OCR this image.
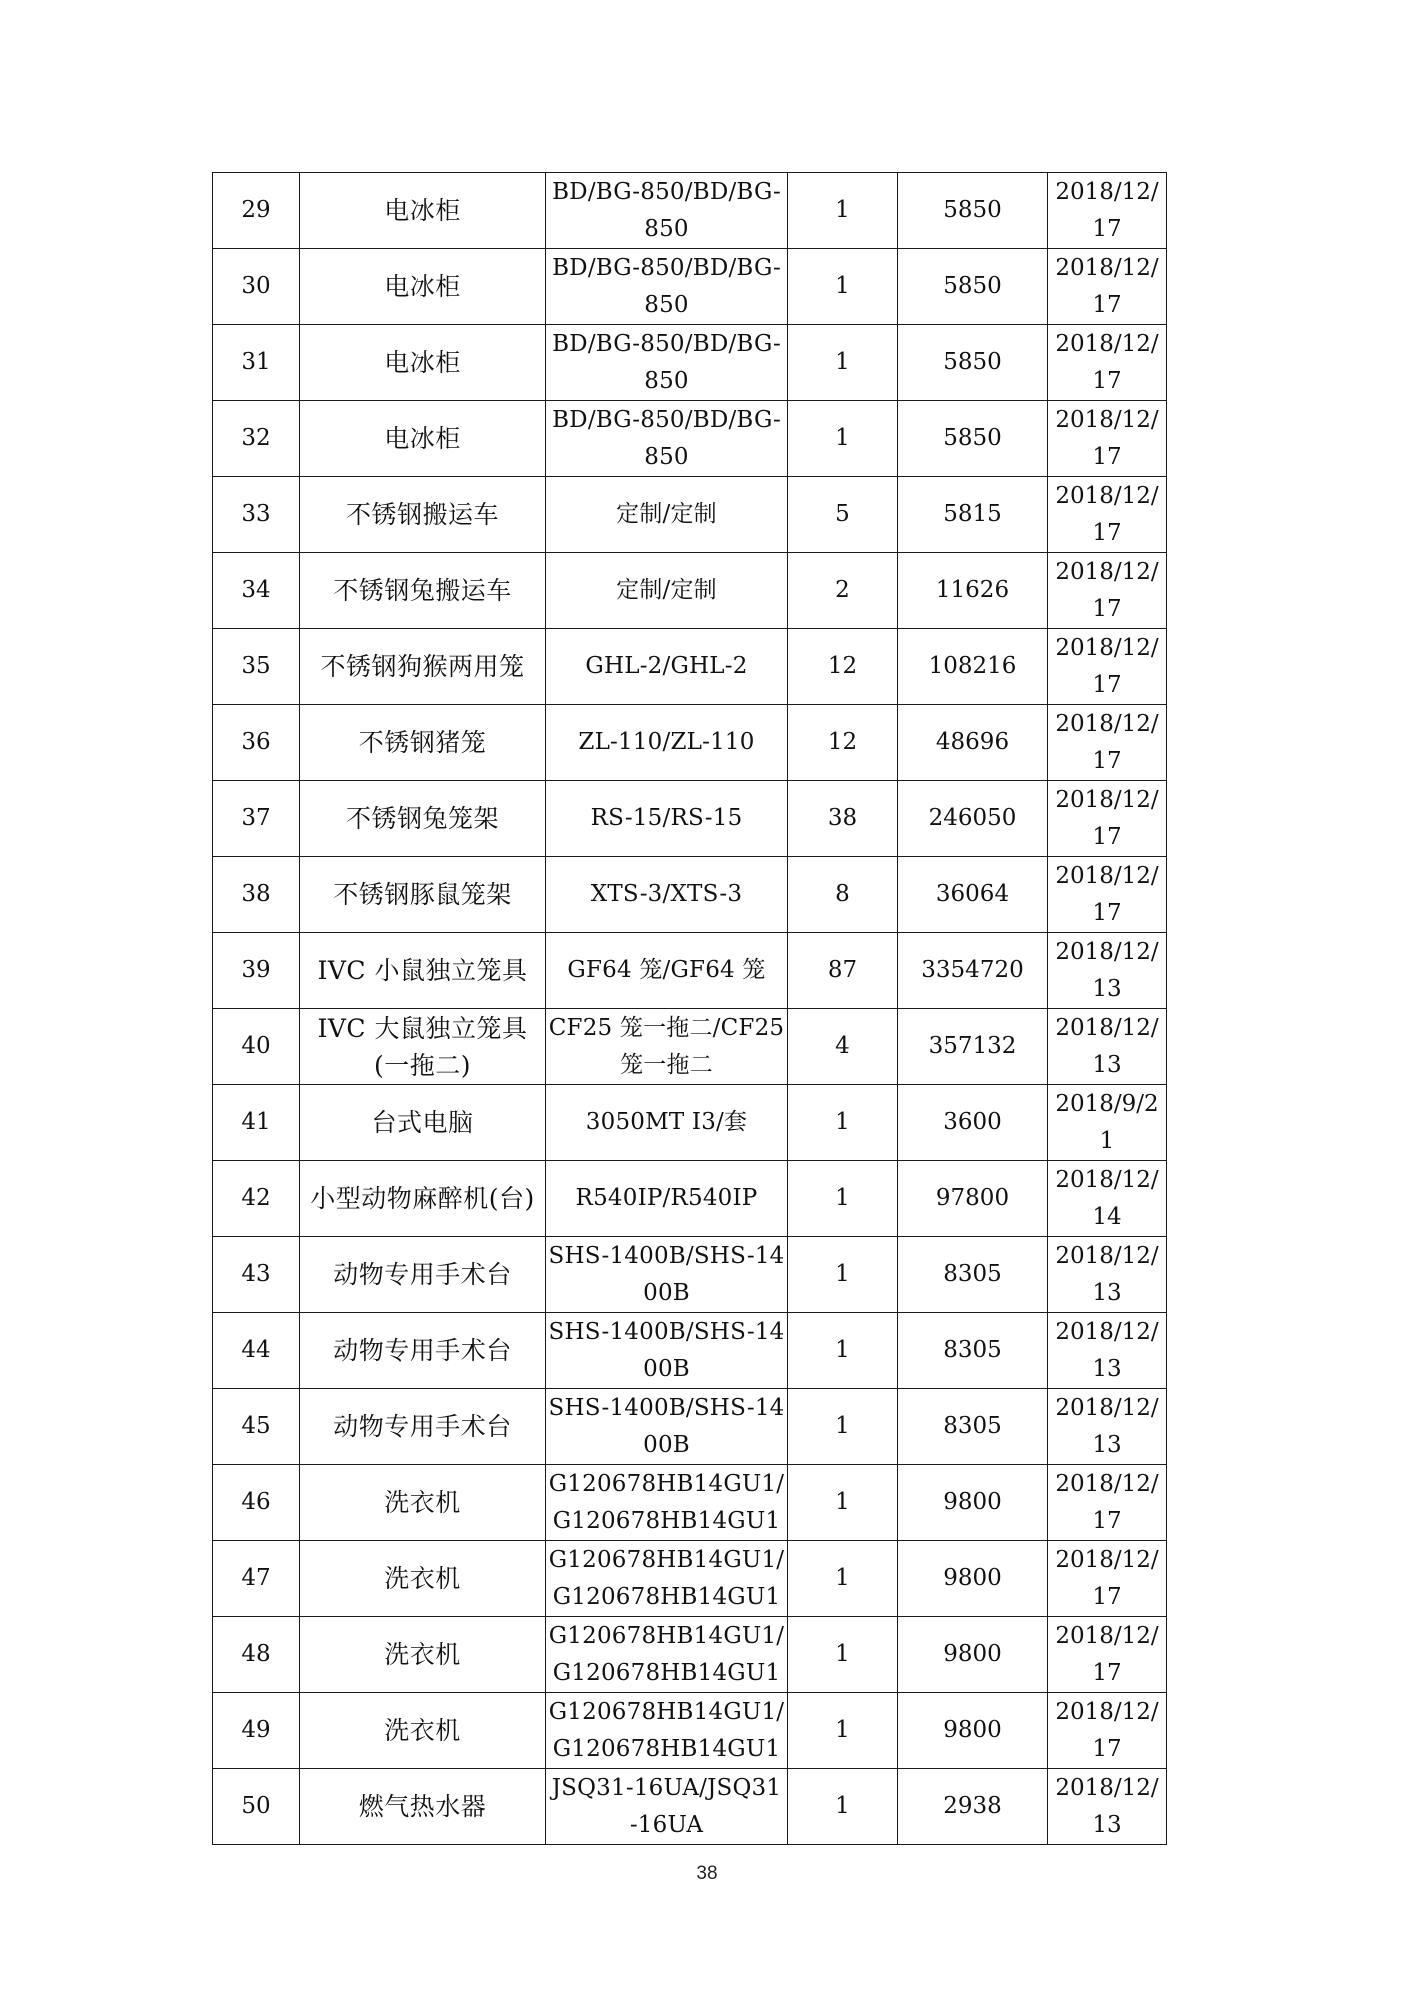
29	电冰柜	BD/BG-850/BD/BG-850	1	5850	2018/12/17
30	电冰柜	BD/BG-850/BD/BG-850	1	5850	2018/12/17
31	电冰柜	BD/BG-850/BD/BG-850	1	5850	2018/12/17
32	电冰柜	BD/BG-850/BD/BG-850	1	5850	2018/12/17
33	不锈钢搬运车	定制/定制	5	5815	2018/12/17
34	不锈钢兔搬运车	定制/定制	2	11626	2018/12/17
35	不锈钢狗猴两用笼	GHL-2/GHL-2	12	108216	2018/12/17
36	不锈钢猪笼	ZL-110/ZL-110	12	48696	2018/12/17
37	不锈钢兔笼架	RS-15/RS-15	38	246050	2018/12/17
38	不锈钢豚鼠笼架	XTS-3/XTS-3	8	36064	2018/12/17
39	IVC 小鼠独立笼具	GF64 笼/GF64 笼	87	3354720	2018/12/13
40	IVC 大鼠独立笼具(一拖二)	CF25 笼一拖二/CF25 笼一拖二	4	357132	2018/12/13
41	台式电脑	3050MT I3/套	1	3600	2018/9/21
42	小型动物麻醉机(台)	R540IP/R540IP	1	97800	2018/12/14
43	动物专用手术台	SHS-1400B/SHS-1400B	1	8305	2018/12/13
44	动物专用手术台	SHS-1400B/SHS-1400B	1	8305	2018/12/13
45	动物专用手术台	SHS-1400B/SHS-1400B	1	8305	2018/12/13
46	洗衣机	G120678HB14GU1/G120678HB14GU1	1	9800	2018/12/17
47	洗衣机	G120678HB14GU1/G120678HB14GU1	1	9800	2018/12/17
48	洗衣机	G120678HB14GU1/G120678HB14GU1	1	9800	2018/12/17
49	洗衣机	G120678HB14GU1/G120678HB14GU1	1	9800	2018/12/17
50	燃气热水器	JSQ31-16UA/JSQ31-16UA	1	2938	2018/12/13
38
